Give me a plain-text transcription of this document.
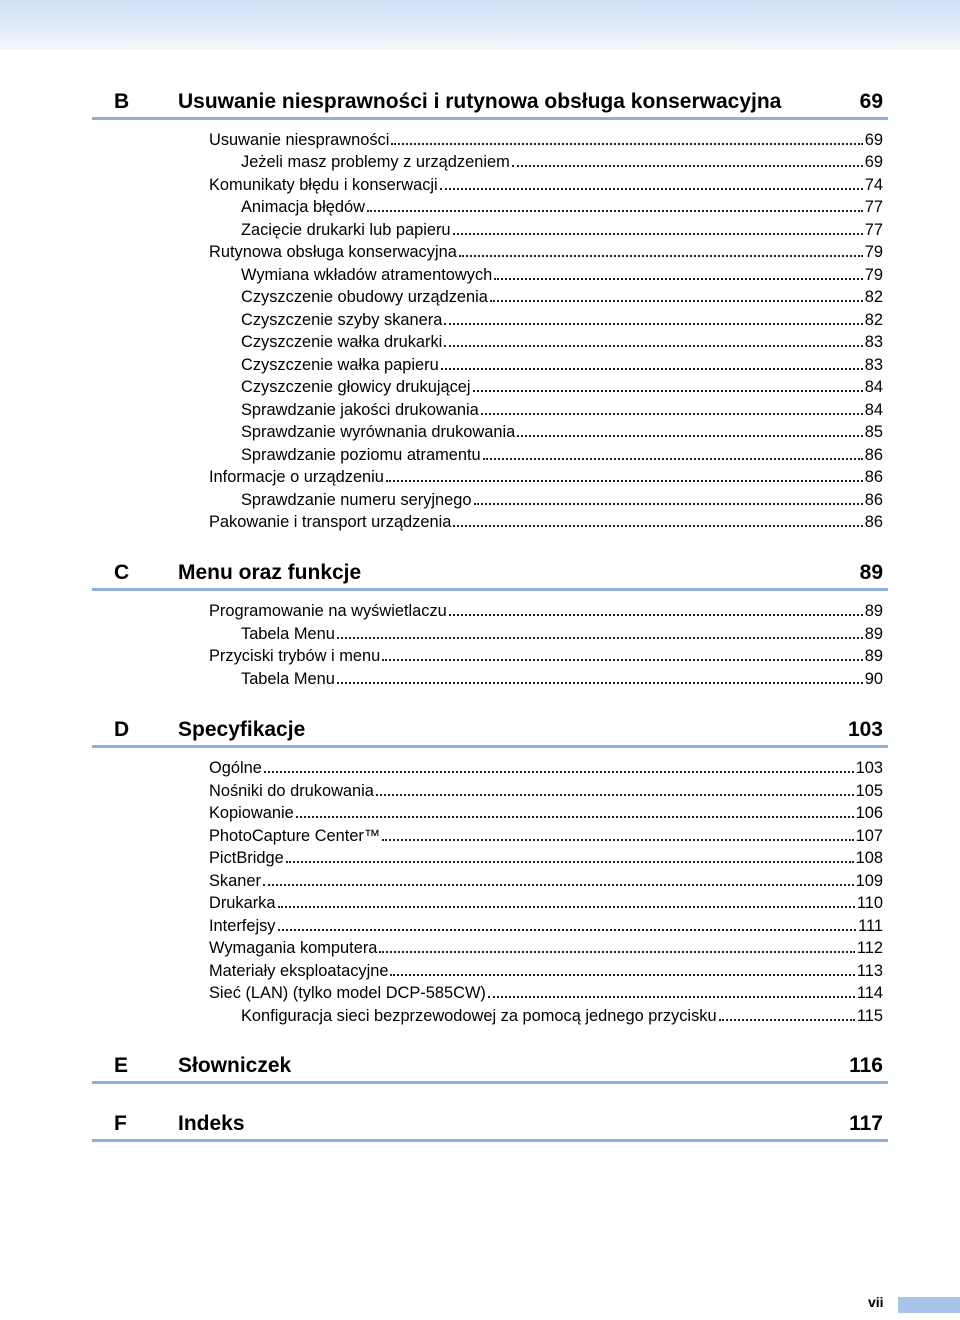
B Usuwanie niesprawności i rutynowa obsługa konserwacyjna	69
Usuwanie niesprawności	69
Jeżeli masz problemy z urządzeniem	69
Komunikaty błędu i konserwacji	74
Animacja błędów	77
Zacięcie drukarki lub papieru	77
Rutynowa obsługa konserwacyjna	79
Wymiana wkładów atramentowych	79
Czyszczenie obudowy urządzenia	82
Czyszczenie szyby skanera	82
Czyszczenie wałka drukarki	83
Czyszczenie wałka papieru	83
Czyszczenie głowicy drukującej	84
Sprawdzanie jakości drukowania	84
Sprawdzanie wyrównania drukowania	85
Sprawdzanie poziomu atramentu	86
Informacje o urządzeniu	86
Sprawdzanie numeru seryjnego	86
Pakowanie i transport urządzenia	86
C Menu oraz funkcje	89
Programowanie na wyświetlaczu	89
Tabela Menu	89
Przyciski trybów i menu	89
Tabela Menu	90
D Specyfikacje	103
Ogólne	103
Nośniki do drukowania	105
Kopiowanie	106
PhotoCapture Center™	107
PictBridge	108
Skaner	109
Drukarka	110
Interfejsy	111
Wymagania komputera	112
Materiały eksploatacyjne	113
Sieć (LAN) (tylko model DCP-585CW)	114
Konfiguracja sieci bezprzewodowej za pomocą jednego przycisku	115
E Słowniczek	116
F Indeks	117
vii
